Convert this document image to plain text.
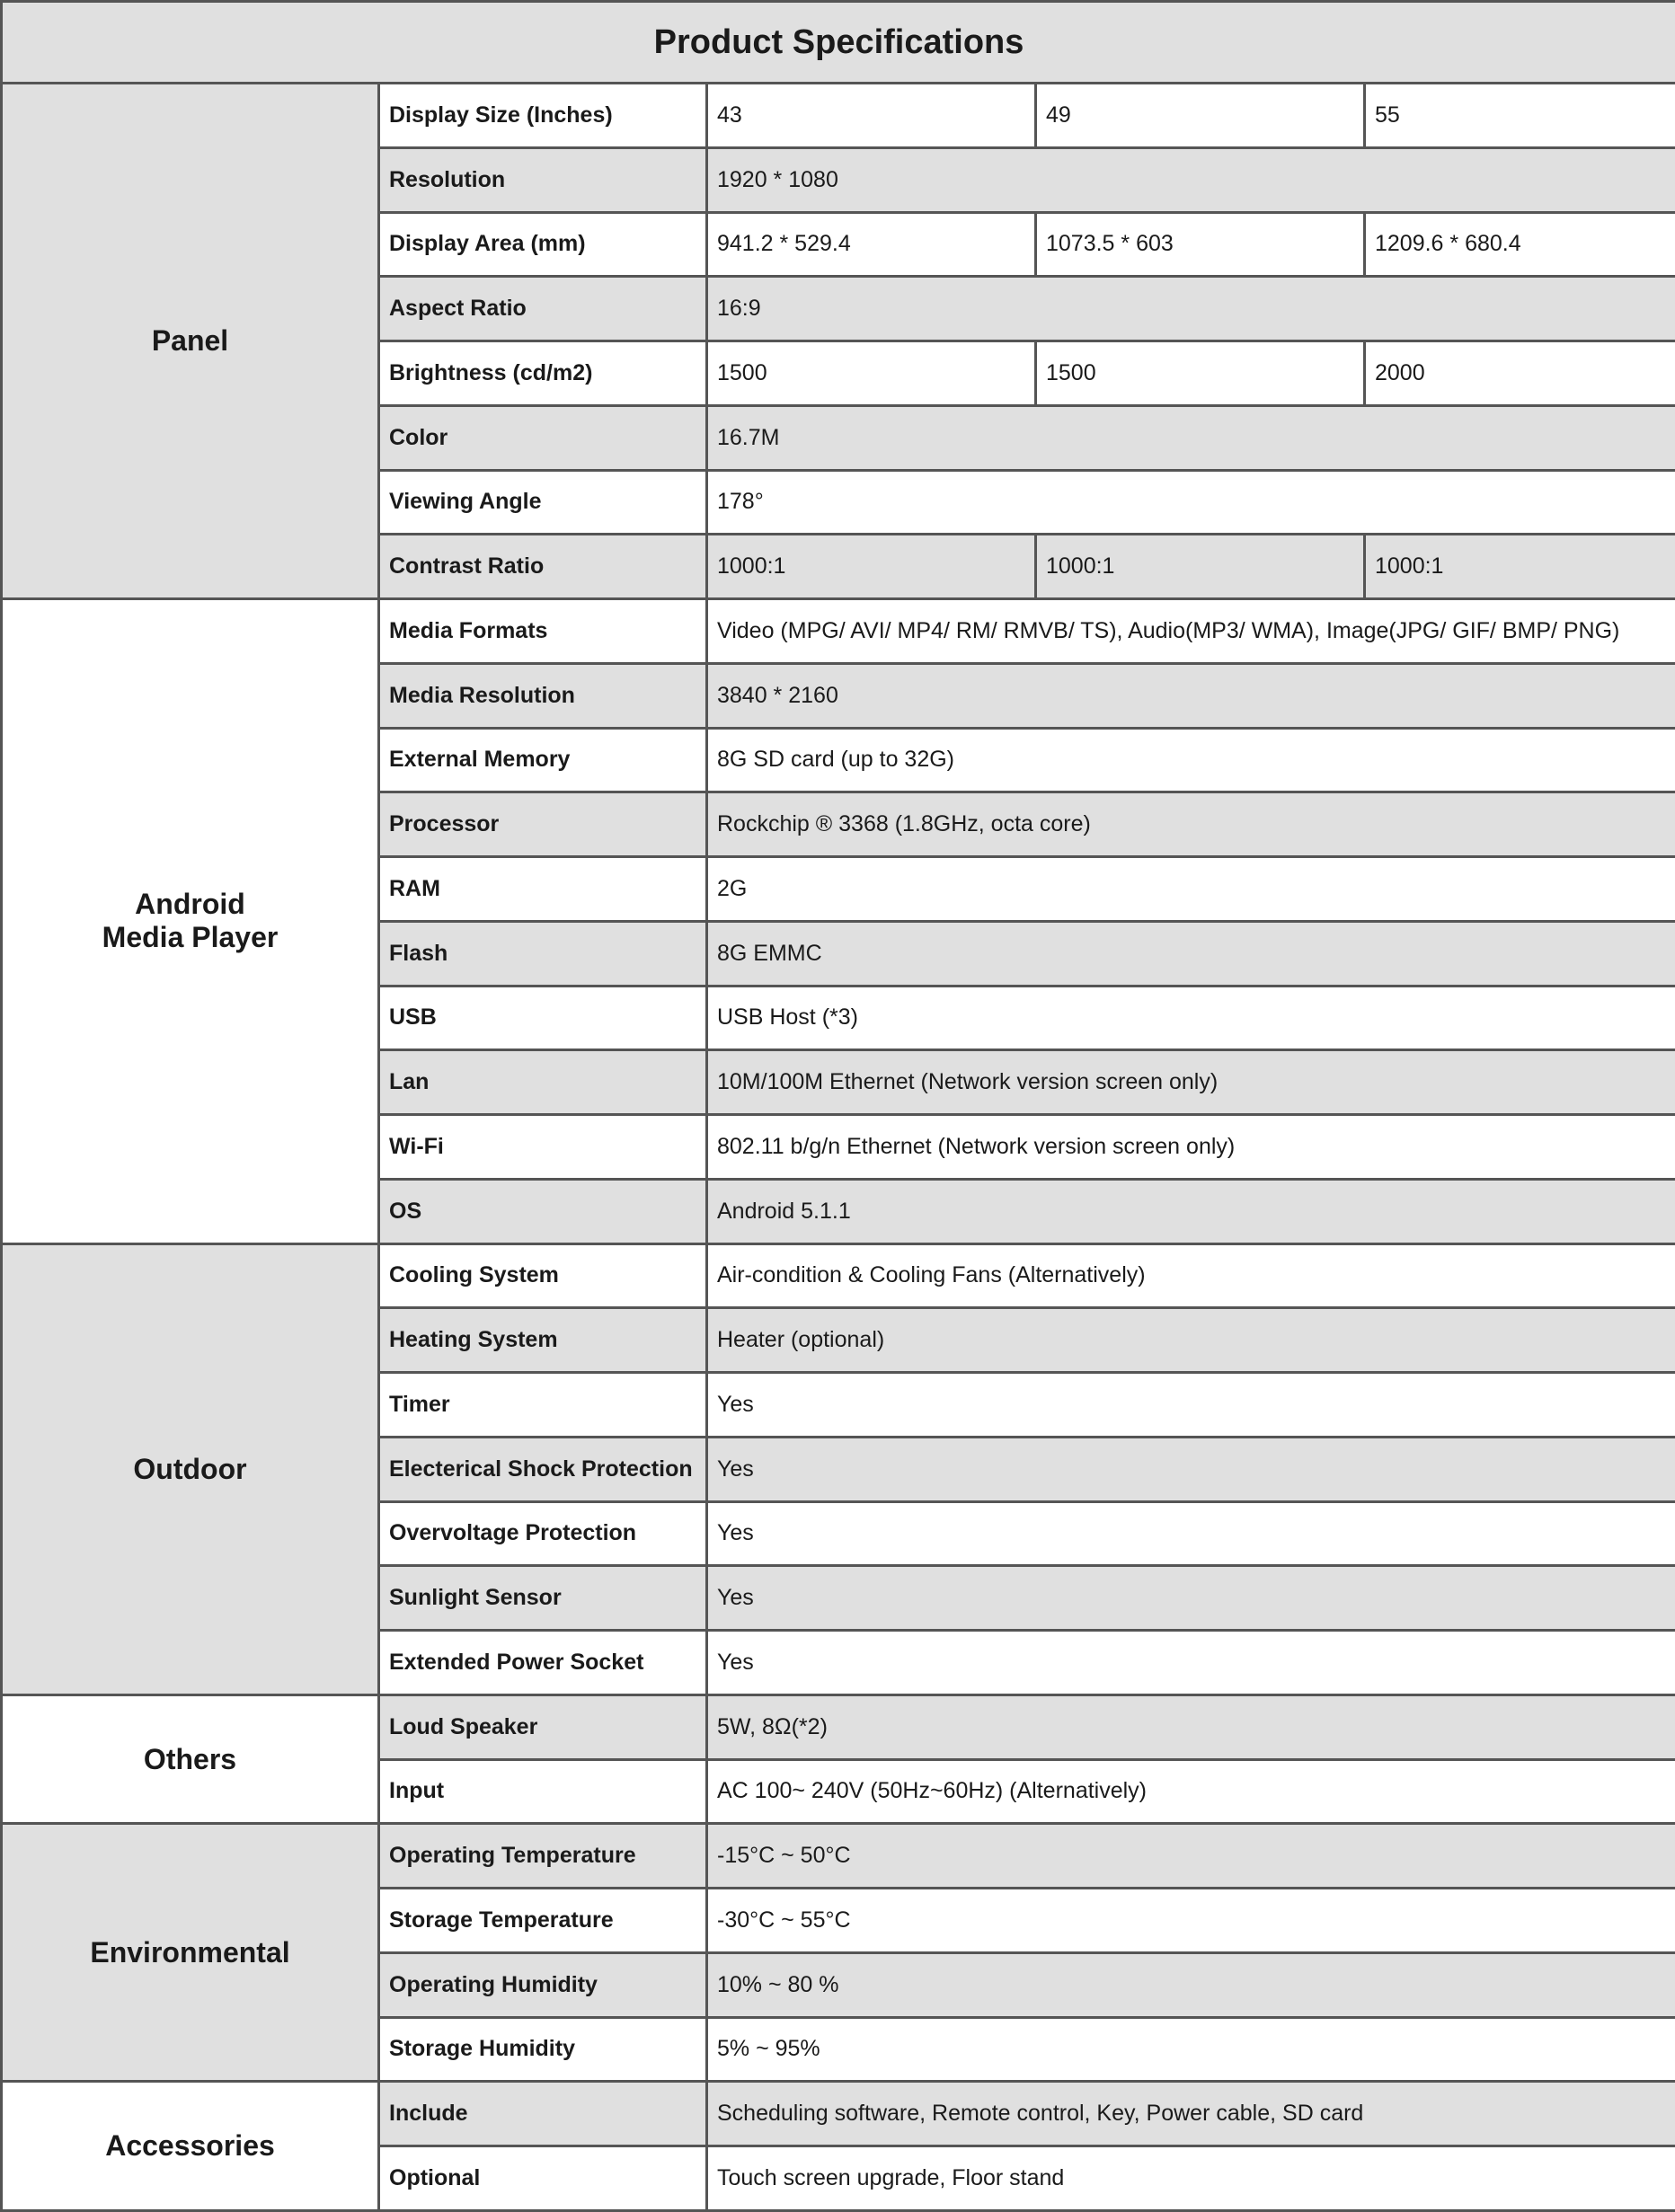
Product Specifications				
Panel	Display Size (Inches)	43	49	55
	Resolution	1920 * 1080		
	Display Area (mm)	941.2 * 529.4	1073.5 * 603	1209.6 * 680.4
	Aspect Ratio	16:9		
	Brightness (cd/m2)	1500	1500	2000
	Color	16.7M		
	Viewing Angle	178°		
	Contrast Ratio	1000:1	1000:1	1000:1
Android
Media Player	Media Formats	Video (MPG/ AVI/ MP4/ RM/ RMVB/ TS), Audio(MP3/ WMA), Image(JPG/ GIF/ BMP/ PNG)		
	Media Resolution	3840 * 2160		
	External Memory	8G SD card (up to 32G)		
	Processor	Rockchip ® 3368 (1.8GHz, octa core)		
	RAM	2G		
	Flash	8G EMMC		
	USB	USB Host (*3)		
	Lan	10M/100M Ethernet (Network version screen only)		
	Wi-Fi	802.11 b/g/n Ethernet (Network version screen only)		
	OS	Android 5.1.1		
Outdoor	Cooling System	Air-condition & Cooling Fans (Alternatively)		
	Heating System	Heater (optional)		
	Timer	Yes		
	Electerical Shock Protection	Yes		
	Overvoltage Protection	Yes		
	Sunlight Sensor	Yes		
	Extended Power Socket	Yes		
Others	Loud Speaker	5W, 8Ω(*2)		
	Input	AC 100~ 240V (50Hz~60Hz) (Alternatively)		
Environmental	Operating Temperature	-15°C ~ 50°C		
	Storage Temperature	-30°C ~ 55°C		
	Operating Humidity	10% ~ 80 %		
	Storage Humidity	5% ~ 95%		
Accessories	Include	Scheduling software, Remote control, Key, Power cable, SD card		
	Optional	Touch screen upgrade, Floor stand		
